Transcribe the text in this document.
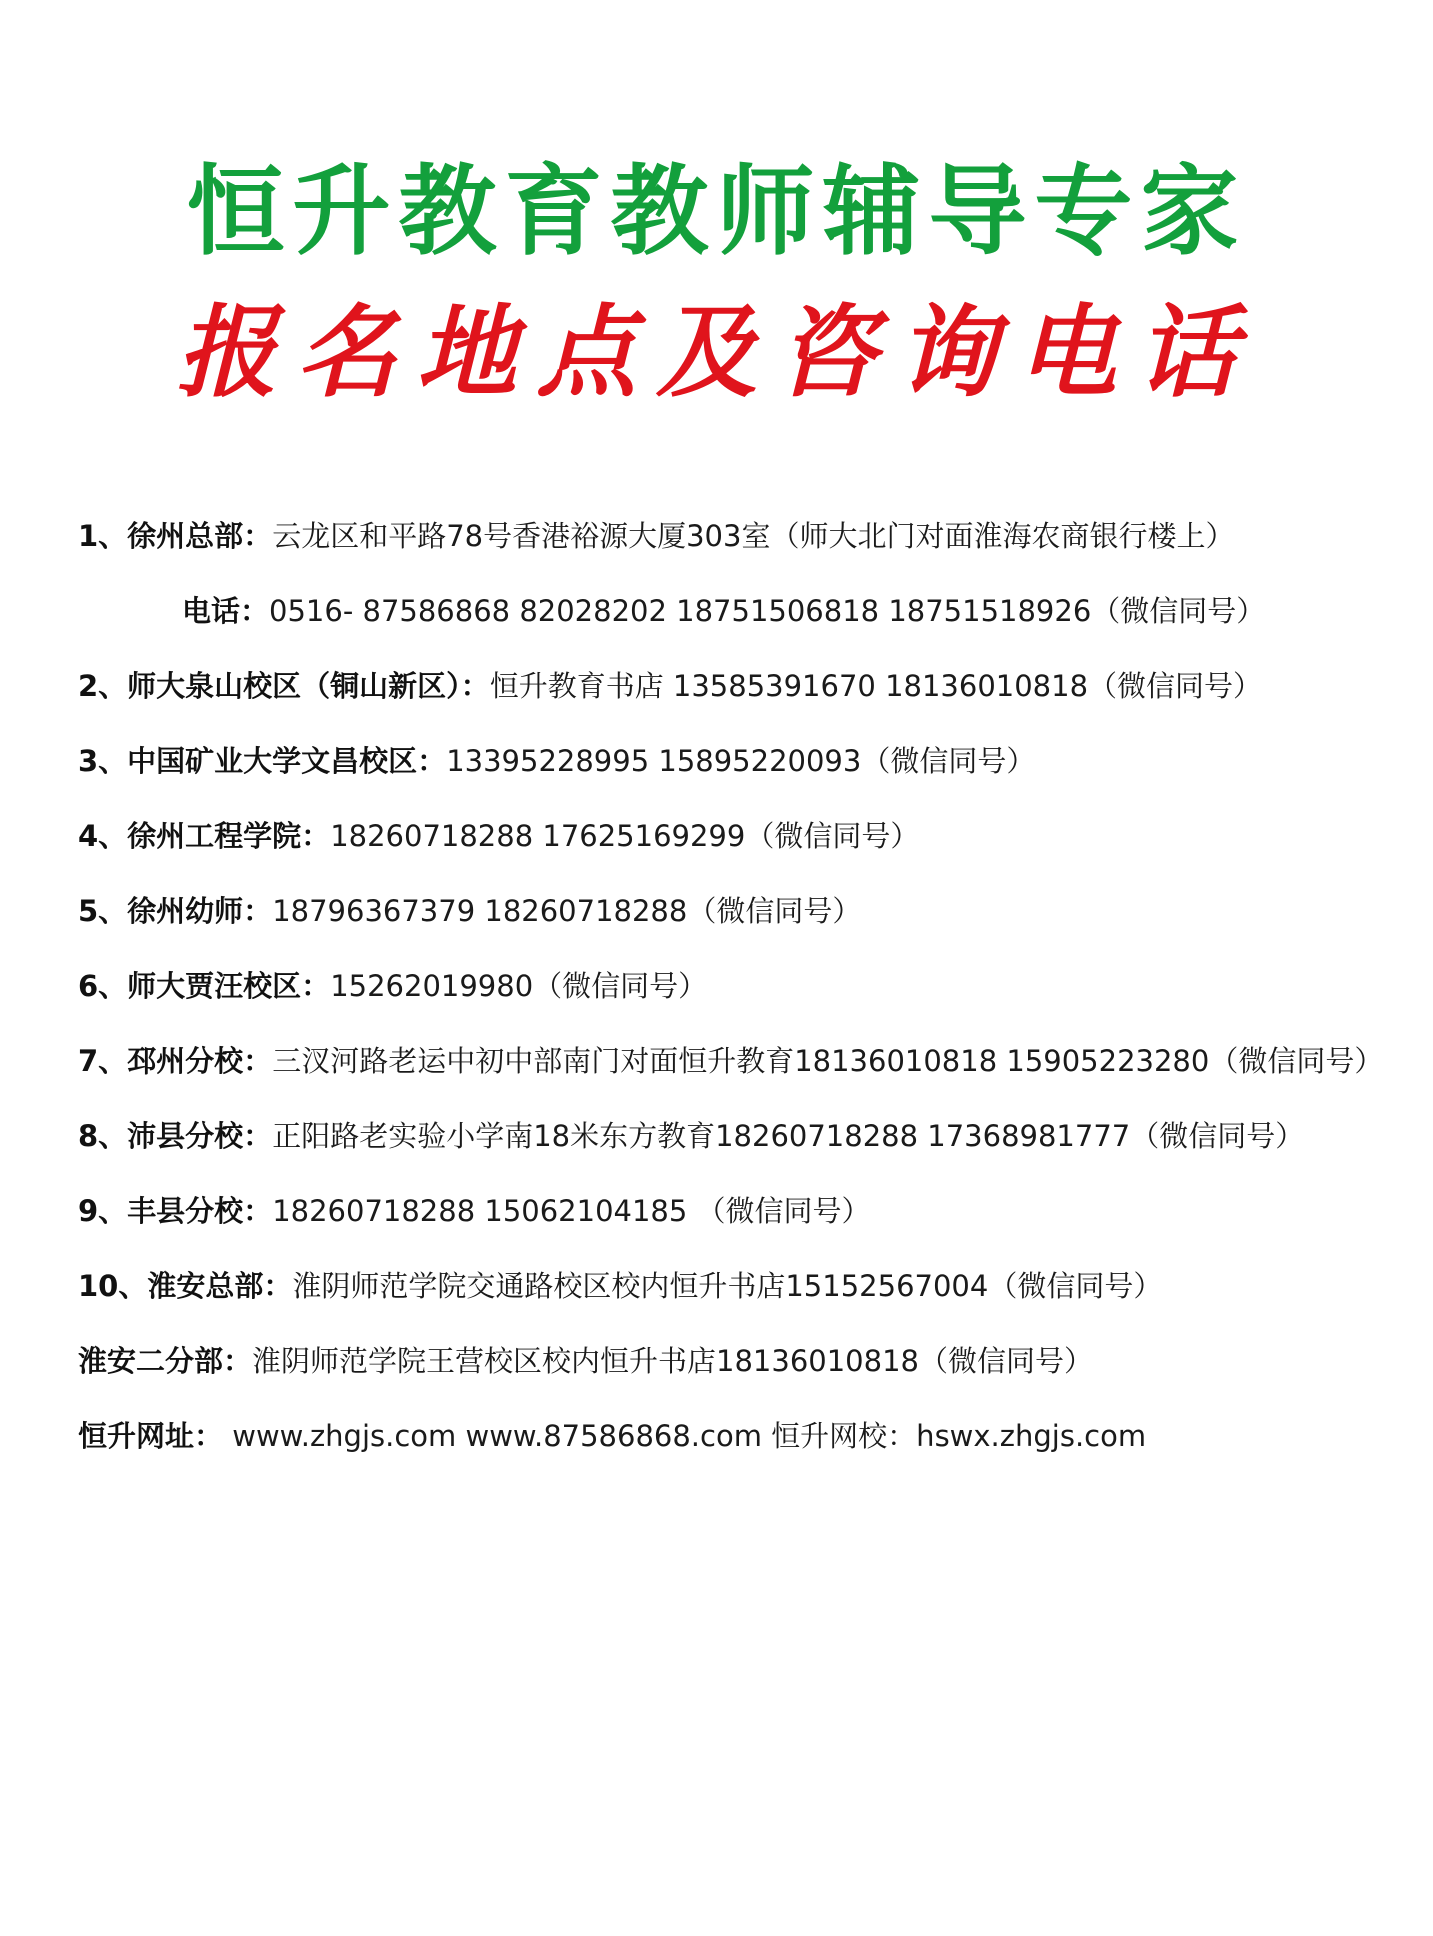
恒升教育教师辅导专家
报名地点及咨询电话
1、徐州总部：云龙区和平路78号香港裕源大厦303室（师大北门对面淮海农商银行楼上）
电话：0516- 87586868 82028202 18751506818 18751518926（微信同号）
2、师大泉山校区（铜山新区）：恒升教育书店 13585391670 18136010818（微信同号）
3、中国矿业大学文昌校区：13395228995 15895220093（微信同号）
4、徐州工程学院：18260718288 17625169299（微信同号）
5、徐州幼师：18796367379 18260718288（微信同号）
6、师大贾汪校区：15262019980（微信同号）
7、邳州分校：三汊河路老运中初中部南门对面恒升教育18136010818 15905223280（微信同号）
8、沛县分校：正阳路老实验小学南18米东方教育18260718288 17368981777（微信同号）
9、丰县分校：18260718288 15062104185 （微信同号）
10、淮安总部：淮阴师范学院交通路校区校内恒升书店15152567004（微信同号）
淮安二分部：淮阴师范学院王营校区校内恒升书店18136010818（微信同号）
恒升网址： www.zhgjs.com www.87586868.com 恒升网校：hswx.zhgjs.com
